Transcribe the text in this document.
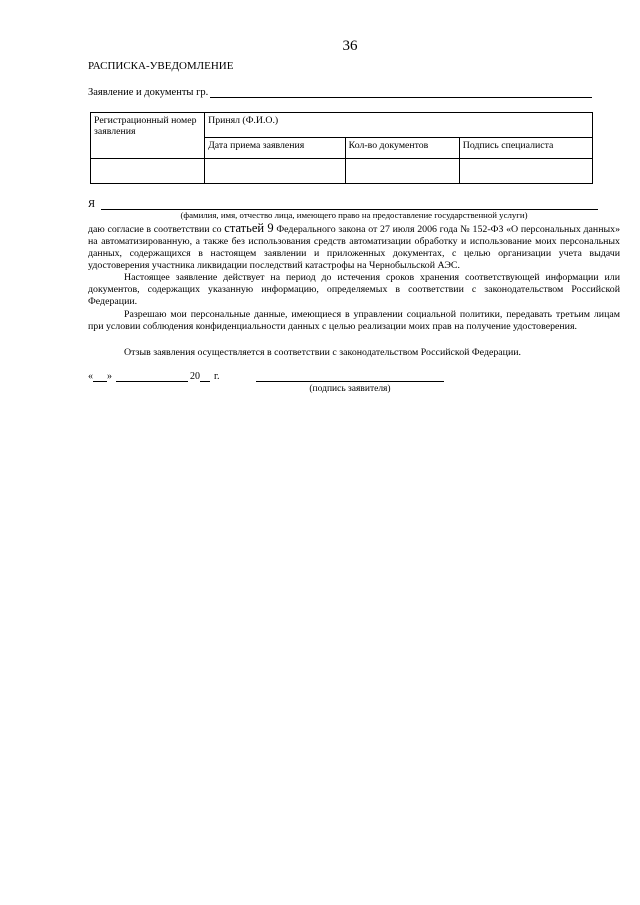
36
РАСПИСКА-УВЕДОМЛЕНИЕ
Заявление и документы гр.
Регистрационный номер заявления	Принял (Ф.И.О.)		
	Дата приема заявления	Кол-во документов	Подпись специалиста

Я
(фамилия, имя, отчество лица, имеющего право на предоставление государственной услуги)
даю согласие в соответствии со статьей 9 Федерального закона от 27 июля 2006 года № 152-ФЗ «О персональных данных» на автоматизированную, а также без использования средств автоматизации обработку и использование моих персональных данных, содержащихся в настоящем заявлении и приложенных документах, с целью организации учета выдачи удостоверения участника ликвидации последствий катастрофы на Чернобыльской АЭС.
Настоящее заявление действует на период до истечения сроков хранения соответствующей информации или документов, содержащих указанную информацию, определяемых в соответствии с законодательством Российской Федерации.
Разрешаю мои персональные данные, имеющиеся в управлении социальной политики, передавать третьим лицам при условии соблюдения конфиденциальности данных с целью реализации моих прав на получение удостоверения.
Отзыв заявления осуществляется в соответствии с законодательством Российской Федерации.
« »	20 г.
(подпись заявителя)
